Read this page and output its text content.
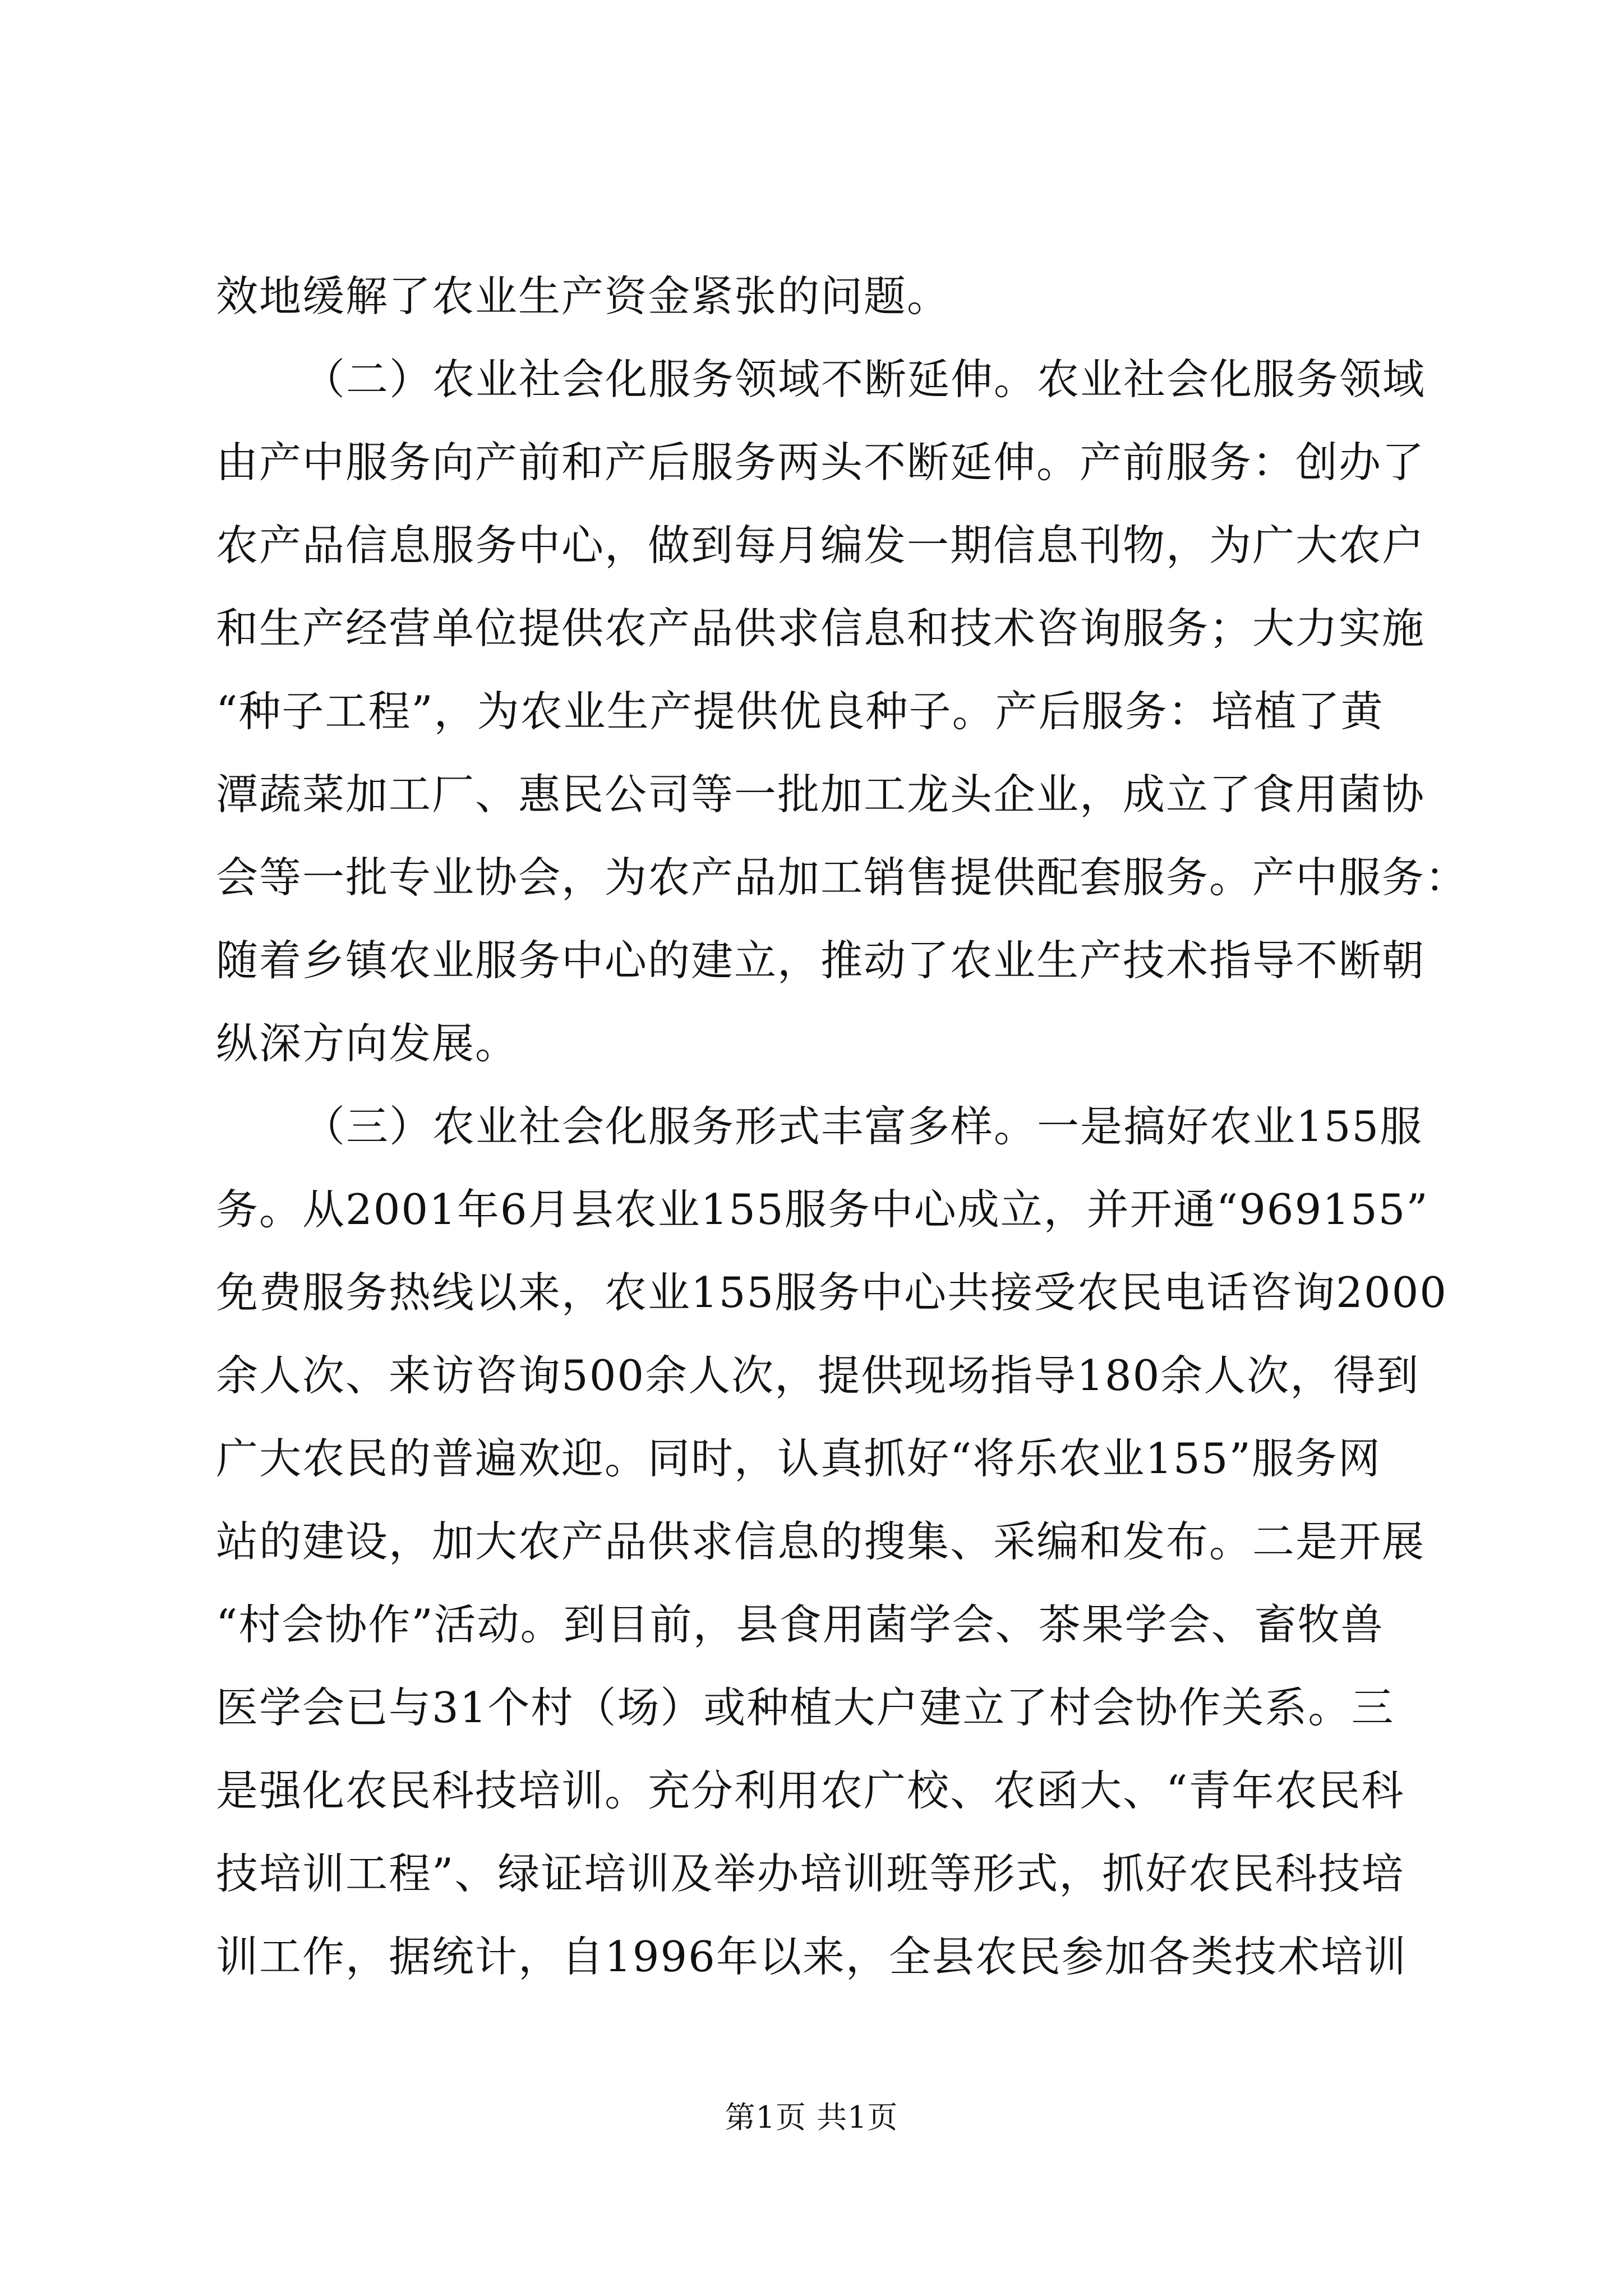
效地缓解了农业生产资金紧张的问题。
（二）农业社会化服务领域不断延伸。农业社会化服务领域
由产中服务向产前和产后服务两头不断延伸。产前服务：创办了
农产品信息服务中心，做到每月编发一期信息刊物，为广大农户
和生产经营单位提供农产品供求信息和技术咨询服务；大力实施
“种子工程”，为农业生产提供优良种子。产后服务：培植了黄
潭蔬菜加工厂、惠民公司等一批加工龙头企业，成立了食用菌协
会等一批专业协会，为农产品加工销售提供配套服务。产中服务：
随着乡镇农业服务中心的建立，推动了农业生产技术指导不断朝
纵深方向发展。
（三）农业社会化服务形式丰富多样。一是搞好农业155服
务。从2001年6月县农业155服务中心成立，并开通“969155”
免费服务热线以来，农业155服务中心共接受农民电话咨询2000
余人次、来访咨询500余人次，提供现场指导180余人次，得到
广大农民的普遍欢迎。同时，认真抓好“将乐农业155”服务网
站的建设，加大农产品供求信息的搜集、采编和发布。二是开展
“村会协作”活动。到目前，县食用菌学会、茶果学会、畜牧兽
医学会已与31个村（场）或种植大户建立了村会协作关系。三
是强化农民科技培训。充分利用农广校、农函大、“青年农民科
技培训工程”、绿证培训及举办培训班等形式，抓好农民科技培
训工作，据统计，自1996年以来，全县农民参加各类技术培训
第1页 共1页
